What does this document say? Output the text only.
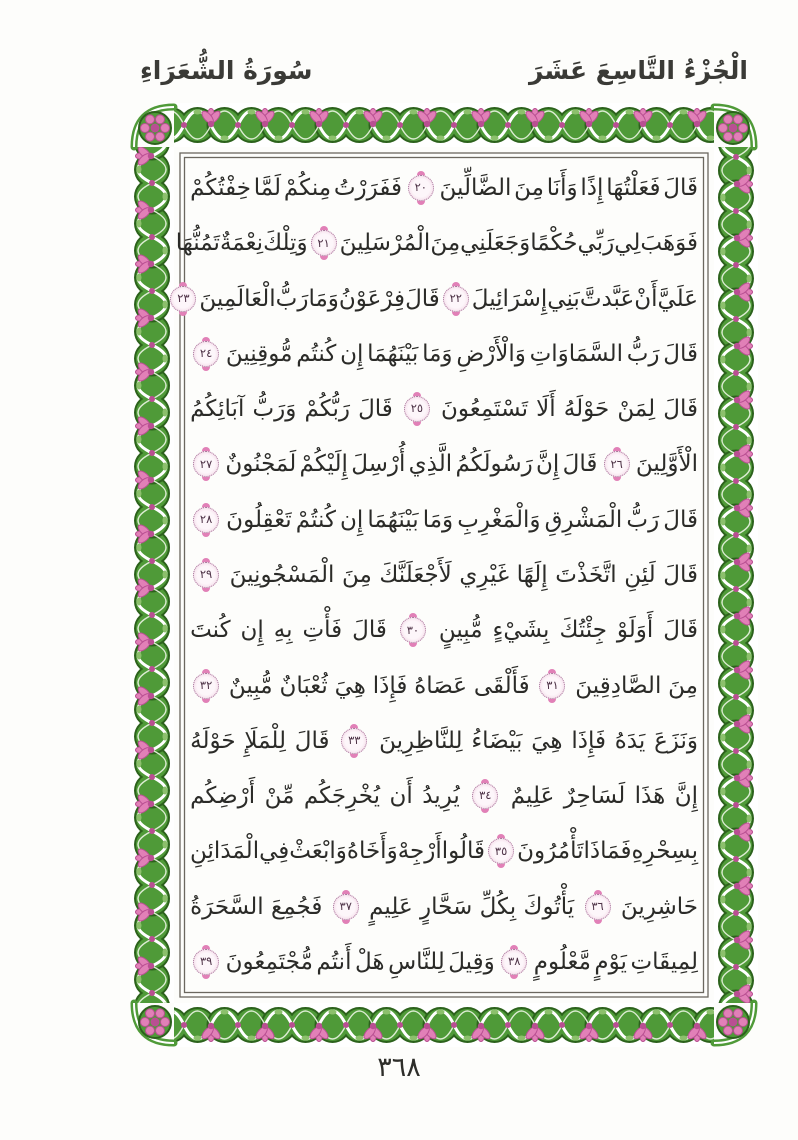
الْجُزْءُ التَّاسِعَ عَشَرَ
سُورَةُ الشُّعَرَاءِ
قَالَ
فَعَلْتُهَا
إِذًا
وَأَنَا
مِنَ
الضَّالِّينَ
٢٠
فَفَرَرْتُ
مِنكُمْ
لَمَّا
خِفْتُكُمْ
فَوَهَبَ
لِي
رَبِّي
حُكْمًا
وَجَعَلَنِي
مِنَ
الْمُرْسَلِينَ
٢١
وَتِلْكَ
نِعْمَةٌ
تَمُنُّهَا
عَلَيَّ
أَنْ
عَبَّدتَّ
بَنِي
إِسْرَائِيلَ
٢٢
قَالَ
فِرْعَوْنُ
وَمَا
رَبُّ
الْعَالَمِينَ
٢٣
قَالَ
رَبُّ
السَّمَاوَاتِ
وَالْأَرْضِ
وَمَا
بَيْنَهُمَا
إِن
كُنتُم
مُّوقِنِينَ
٢٤
قَالَ
لِمَنْ
حَوْلَهُ
أَلَا
تَسْتَمِعُونَ
٢٥
قَالَ
رَبُّكُمْ
وَرَبُّ
آبَائِكُمُ
الْأَوَّلِينَ
٢٦
قَالَ
إِنَّ
رَسُولَكُمُ
الَّذِي
أُرْسِلَ
إِلَيْكُمْ
لَمَجْنُونٌ
٢٧
قَالَ
رَبُّ
الْمَشْرِقِ
وَالْمَغْرِبِ
وَمَا
بَيْنَهُمَا
إِن
كُنتُمْ
تَعْقِلُونَ
٢٨
قَالَ
لَئِنِ
اتَّخَذْتَ
إِلَهًا
غَيْرِي
لَأَجْعَلَنَّكَ
مِنَ
الْمَسْجُونِينَ
٢٩
قَالَ
أَوَلَوْ
جِئْتُكَ
بِشَيْءٍ
مُّبِينٍ
٣٠
قَالَ
فَأْتِ
بِهِ
إِن
كُنتَ
مِنَ
الصَّادِقِينَ
٣١
فَأَلْقَى
عَصَاهُ
فَإِذَا
هِيَ
ثُعْبَانٌ
مُّبِينٌ
٣٢
وَنَزَعَ
يَدَهُ
فَإِذَا
هِيَ
بَيْضَاءُ
لِلنَّاظِرِينَ
٣٣
قَالَ
لِلْمَلَإِ
حَوْلَهُ
إِنَّ
هَذَا
لَسَاحِرٌ
عَلِيمٌ
٣٤
يُرِيدُ
أَن
يُخْرِجَكُم
مِّنْ
أَرْضِكُم
بِسِحْرِهِ
فَمَاذَا
تَأْمُرُونَ
٣٥
قَالُوا
أَرْجِهْ
وَأَخَاهُ
وَابْعَثْ
فِي
الْمَدَائِنِ
حَاشِرِينَ
٣٦
يَأْتُوكَ
بِكُلِّ
سَحَّارٍ
عَلِيمٍ
٣٧
فَجُمِعَ
السَّحَرَةُ
لِمِيقَاتِ
يَوْمٍ
مَّعْلُومٍ
٣٨
وَقِيلَ
لِلنَّاسِ
هَلْ
أَنتُم
مُّجْتَمِعُونَ
٣٩
٣٦٨
